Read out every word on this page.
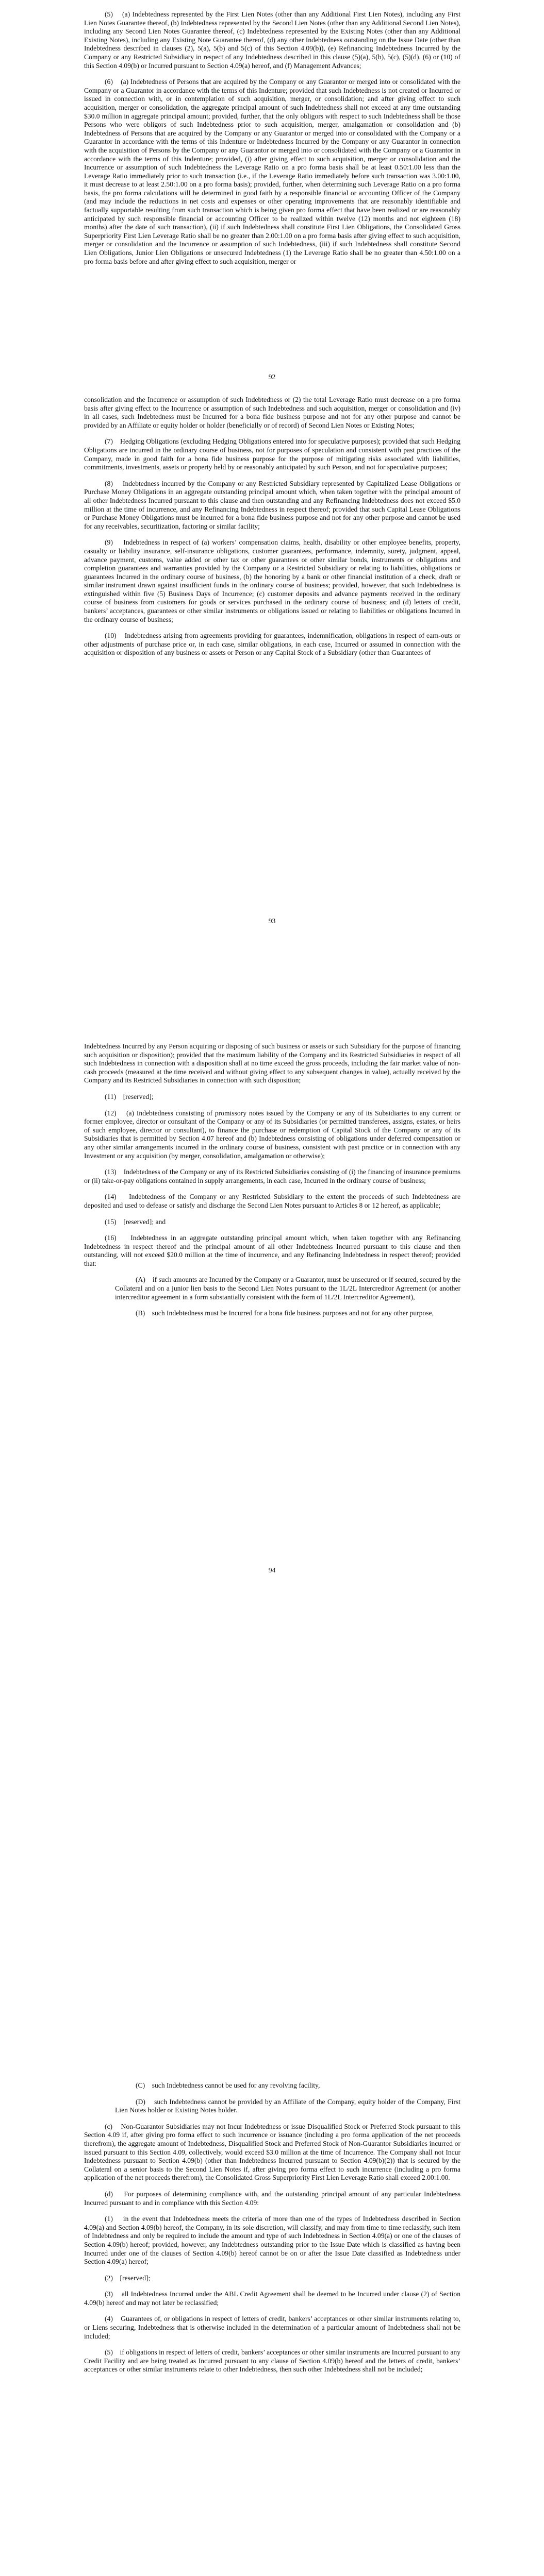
(5)    (a) Indebtedness represented by the First Lien Notes (other than any Additional First Lien Notes), including any First Lien Notes Guarantee thereof, (b) Indebtedness represented by the Second Lien Notes (other than any Additional Second Lien Notes), including any Second Lien Notes Guarantee thereof, (c) Indebtedness represented by the Existing Notes (other than any Additional Existing Notes), including any Existing Note Guarantee thereof, (d) any other Indebtedness outstanding on the Issue Date (other than Indebtedness described in clauses (2), 5(a), 5(b) and 5(c) of this Section 4.09(b)), (e) Refinancing Indebtedness Incurred by the Company or any Restricted Subsidiary in respect of any Indebtedness described in this clause (5)(a), 5(b), 5(c), (5)(d), (6) or (10) of this Section 4.09(b) or Incurred pursuant to Section 4.09(a) hereof, and (f) Management Advances;

(6)    (a) Indebtedness of Persons that are acquired by the Company or any Guarantor or merged into or consolidated with the Company or a Guarantor in accordance with the terms of this Indenture; provided that such Indebtedness is not created or Incurred or issued in connection with, or in contemplation of such acquisition, merger, or consolidation; and after giving effect to such acquisition, merger or consolidation, the aggregate principal amount of such Indebtedness shall not exceed at any time outstanding $30.0 million in aggregate principal amount; provided, further, that the only obligors with respect to such Indebtedness shall be those Persons who were obligors of such Indebtedness prior to such acquisition, merger, amalgamation or consolidation and (b) Indebtedness of Persons that are acquired by the Company or any Guarantor or merged into or consolidated with the Company or a Guarantor in accordance with the terms of this Indenture or Indebtedness Incurred by the Company or any Guarantor in connection with the acquisition of Persons by the Company or any Guarantor or merged into or consolidated with the Company or a Guarantor in accordance with the terms of this Indenture; provided, (i) after giving effect to such acquisition, merger or consolidation and the Incurrence or assumption of such Indebtedness the Leverage Ratio on a pro forma basis shall be at least 0.50:1.00 less than the Leverage Ratio immediately prior to such transaction (i.e., if the Leverage Ratio immediately before such transaction was 3.00:1.00, it must decrease to at least 2.50:1.00 on a pro forma basis); provided, further, when determining such Leverage Ratio on a pro forma basis, the pro forma calculations will be determined in good faith by a responsible financial or accounting Officer of the Company (and may include the reductions in net costs and expenses or other operating improvements that are reasonably identifiable and factually supportable resulting from such transaction which is being given pro forma effect that have been realized or are reasonably anticipated by such responsible financial or accounting Officer to be realized within twelve (12) months and not eighteen (18) months) after the date of such transaction), (ii) if such Indebtedness shall constitute First Lien Obligations, the Consolidated Gross Superpriority First Lien Leverage Ratio shall be no greater than 2.00:1.00 on a pro forma basis after giving effect to such acquisition, merger or consolidation and the Incurrence or assumption of such Indebtedness, (iii) if such Indebtedness shall constitute Second Lien Obligations, Junior Lien Obligations or unsecured Indebtedness (1) the Leverage Ratio shall be no greater than 4.50:1.00 on a pro forma basis before and after giving effect to such acquisition, merger or

92

consolidation and the Incurrence or assumption of such Indebtedness or (2) the total Leverage Ratio must decrease on a pro forma basis after giving effect to the Incurrence or assumption of such Indebtedness and such acquisition, merger or consolidation and (iv) in all cases, such Indebtedness must be Incurred for a bona fide business purpose and not for any other purpose and cannot be provided by an Affiliate or equity holder or holder (beneficially or of record) of Second Lien Notes or Existing Notes;

(7)    Hedging Obligations (excluding Hedging Obligations entered into for speculative purposes); provided that such Hedging Obligations are incurred in the ordinary course of business, not for purposes of speculation and consistent with past practices of the Company, made in good faith for a bona fide business purpose for the purpose of mitigating risks associated with liabilities, commitments, investments, assets or property held by or reasonably anticipated by such Person, and not for speculative purposes;

(8)    Indebtedness incurred by the Company or any Restricted Subsidiary represented by Capitalized Lease Obligations or Purchase Money Obligations in an aggregate outstanding principal amount which, when taken together with the principal amount of all other Indebtedness Incurred pursuant to this clause and then outstanding and any Refinancing Indebtedness does not exceed $5.0 million at the time of incurrence, and any Refinancing Indebtedness in respect thereof; provided that such Capital Lease Obligations or Purchase Money Obligations must be incurred for a bona fide business purpose and not for any other purpose and cannot be used for any receivables, securitization, factoring or similar facility;

(9)    Indebtedness in respect of (a) workers’ compensation claims, health, disability or other employee benefits, property, casualty or liability insurance, self-insurance obligations, customer guarantees, performance, indemnity, surety, judgment, appeal, advance payment, customs, value added or other tax or other guarantees or other similar bonds, instruments or obligations and completion guarantees and warranties provided by the Company or a Restricted Subsidiary or relating to liabilities, obligations or guarantees Incurred in the ordinary course of business, (b) the honoring by a bank or other financial institution of a check, draft or similar instrument drawn against insufficient funds in the ordinary course of business; provided, however, that such Indebtedness is extinguished within five (5) Business Days of Incurrence; (c) customer deposits and advance payments received in the ordinary course of business from customers for goods or services purchased in the ordinary course of business; and (d) letters of credit, bankers’ acceptances, guarantees or other similar instruments or obligations issued or relating to liabilities or obligations Incurred in the ordinary course of business;

(10)    Indebtedness arising from agreements providing for guarantees, indemnification, obligations in respect of earn-outs or other adjustments of purchase price or, in each case, similar obligations, in each case, Incurred or assumed in connection with the acquisition or disposition of any business or assets or Person or any Capital Stock of a Subsidiary (other than Guarantees of

93

Indebtedness Incurred by any Person acquiring or disposing of such business or assets or such Subsidiary for the purpose of financing such acquisition or disposition); provided that the maximum liability of the Company and its Restricted Subsidiaries in respect of all such Indebtedness in connection with a disposition shall at no time exceed the gross proceeds, including the fair market value of non-cash proceeds (measured at the time received and without giving effect to any subsequent changes in value), actually received by the Company and its Restricted Subsidiaries in connection with such disposition;

(11)    [reserved];

(12)    (a) Indebtedness consisting of promissory notes issued by the Company or any of its Subsidiaries to any current or former employee, director or consultant of the Company or any of its Subsidiaries (or permitted transferees, assigns, estates, or heirs of such employee, director or consultant), to finance the purchase or redemption of Capital Stock of the Company or any of its Subsidiaries that is permitted by Section 4.07 hereof and (b) Indebtedness consisting of obligations under deferred compensation or any other similar arrangements incurred in the ordinary course of business, consistent with past practice or in connection with any Investment or any acquisition (by merger, consolidation, amalgamation or otherwise);

(13)    Indebtedness of the Company or any of its Restricted Subsidiaries consisting of (i) the financing of insurance premiums or (ii) take-or-pay obligations contained in supply arrangements, in each case, Incurred in the ordinary course of business;

(14)    Indebtedness of the Company or any Restricted Subsidiary to the extent the proceeds of such Indebtedness are deposited and used to defease or satisfy and discharge the Second Lien Notes pursuant to Articles 8 or 12 hereof, as applicable;

(15)    [reserved]; and

(16)    Indebtedness in an aggregate outstanding principal amount which, when taken together with any Refinancing Indebtedness in respect thereof and the principal amount of all other Indebtedness Incurred pursuant to this clause and then outstanding, will not exceed $20.0 million at the time of incurrence, and any Refinancing Indebtedness in respect thereof; provided that:

(A)    if such amounts are Incurred by the Company or a Guarantor, must be unsecured or if secured, secured by the Collateral and on a junior lien basis to the Second Lien Notes pursuant to the 1L/2L Intercreditor Agreement (or another intercreditor agreement in a form substantially consistent with the form of 1L/2L Intercreditor Agreement),

(B)    such Indebtedness must be Incurred for a bona fide business purposes and not for any other purpose,

94

(C)    such Indebtedness cannot be used for any revolving facility,

(D)    such Indebtedness cannot be provided by an Affiliate of the Company, equity holder of the Company, First Lien Notes holder or Existing Notes holder.

(c)    Non-Guarantor Subsidiaries may not Incur Indebtedness or issue Disqualified Stock or Preferred Stock pursuant to this Section 4.09 if, after giving pro forma effect to such incurrence or issuance (including a pro forma application of the net proceeds therefrom), the aggregate amount of Indebtedness, Disqualified Stock and Preferred Stock of Non-Guarantor Subsidiaries incurred or issued pursuant to this Section 4.09, collectively, would exceed $3.0 million at the time of Incurrence. The Company shall not Incur Indebtedness pursuant to Section 4.09(b) (other than Indebtedness Incurred pursuant to Section 4.09(b)(2)) that is secured by the Collateral on a senior basis to the Second Lien Notes if, after giving pro forma effect to such incurrence (including a pro forma application of the net proceeds therefrom), the Consolidated Gross Superpriority First Lien Leverage Ratio shall exceed 2.00:1.00.

(d)    For purposes of determining compliance with, and the outstanding principal amount of any particular Indebtedness Incurred pursuant to and in compliance with this Section 4.09:

(1)    in the event that Indebtedness meets the criteria of more than one of the types of Indebtedness described in Section 4.09(a) and Section 4.09(b) hereof, the Company, in its sole discretion, will classify, and may from time to time reclassify, such item of Indebtedness and only be required to include the amount and type of such Indebtedness in Section 4.09(a) or one of the clauses of Section 4.09(b) hereof; provided, however, any Indebtedness outstanding prior to the Issue Date which is classified as having been Incurred under one of the clauses of Section 4.09(b) hereof cannot be on or after the Issue Date classified as Indebtedness under Section 4.09(a) hereof;

(2)    [reserved];

(3)    all Indebtedness Incurred under the ABL Credit Agreement shall be deemed to be Incurred under clause (2) of Section 4.09(b) hereof and may not later be reclassified;

(4)    Guarantees of, or obligations in respect of letters of credit, bankers’ acceptances or other similar instruments relating to, or Liens securing, Indebtedness that is otherwise included in the determination of a particular amount of Indebtedness shall not be included;

(5)    if obligations in respect of letters of credit, bankers’ acceptances or other similar instruments are Incurred pursuant to any Credit Facility and are being treated as Incurred pursuant to any clause of Section 4.09(b) hereof and the letters of credit, bankers’ acceptances or other similar instruments relate to other Indebtedness, then such other Indebtedness shall not be included;
